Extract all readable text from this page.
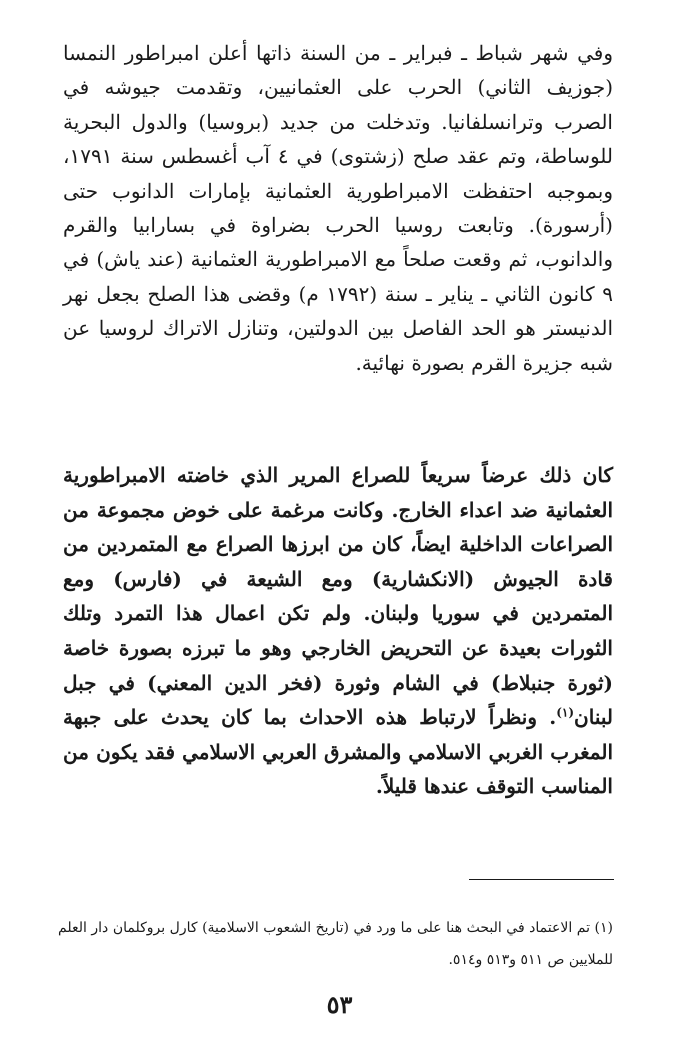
وفي شهر شباط ـ فبراير ـ من السنة ذاتها أعلن امبراطور النمسا (جوزيف الثاني) الحرب على العثمانيين، وتقدمت جيوشه في الصرب وترانسلفانيا. وتدخلت من جديد (بروسيا) والدول البحرية للوساطة، وتم عقد صلح (زشتوى) في ٤ آب أغسطس سنة ١٧٩١، وبموجبه احتفظت الامبراطورية العثمانية بإمارات الدانوب حتى (أرسورة). وتابعت روسيا الحرب بضراوة في بسارابيا والقرم والدانوب، ثم وقعت صلحاً مع الامبراطورية العثمانية (عند ياش) في ٩ كانون الثاني ـ يناير ـ سنة (١٧٩٢ م) وقضى هذا الصلح بجعل نهر الدنيستر هو الحد الفاصل بين الدولتين، وتنازل الاتراك لروسيا عن شبه جزيرة القرم بصورة نهائية.

كان ذلك عرضاً سريعاً للصراع المرير الذي خاضته الامبراطورية العثمانية ضد اعداء الخارج. وكانت مرغمة على خوض مجموعة من الصراعات الداخلية ايضاً، كان من ابرزها الصراع مع المتمردين من قادة الجيوش (الانكشارية) ومع الشيعة في (فارس) ومع المتمردين في سوريا ولبنان. ولم تكن اعمال هذا التمرد وتلك الثورات بعيدة عن التحريض الخارجي وهو ما تبرزه بصورة خاصة (ثورة جنبلاط) في الشام وثورة (فخر الدين المعني) في جبل لبنان$^{(١)}$. ونظراً لارتباط هذه الاحداث بما كان يحدث على جبهة المغرب الغربي الاسلامي والمشرق العربي الاسلامي فقد يكون من المناسب التوقف عندها قليلاً.

(١) تم الاعتماد في البحث هنا على ما ورد في (تاريخ الشعوب الاسلامية) كارل بروكلمان دار العلم للملايين ص ٥١١ و٥١٣ و٥١٤.

٥٣
